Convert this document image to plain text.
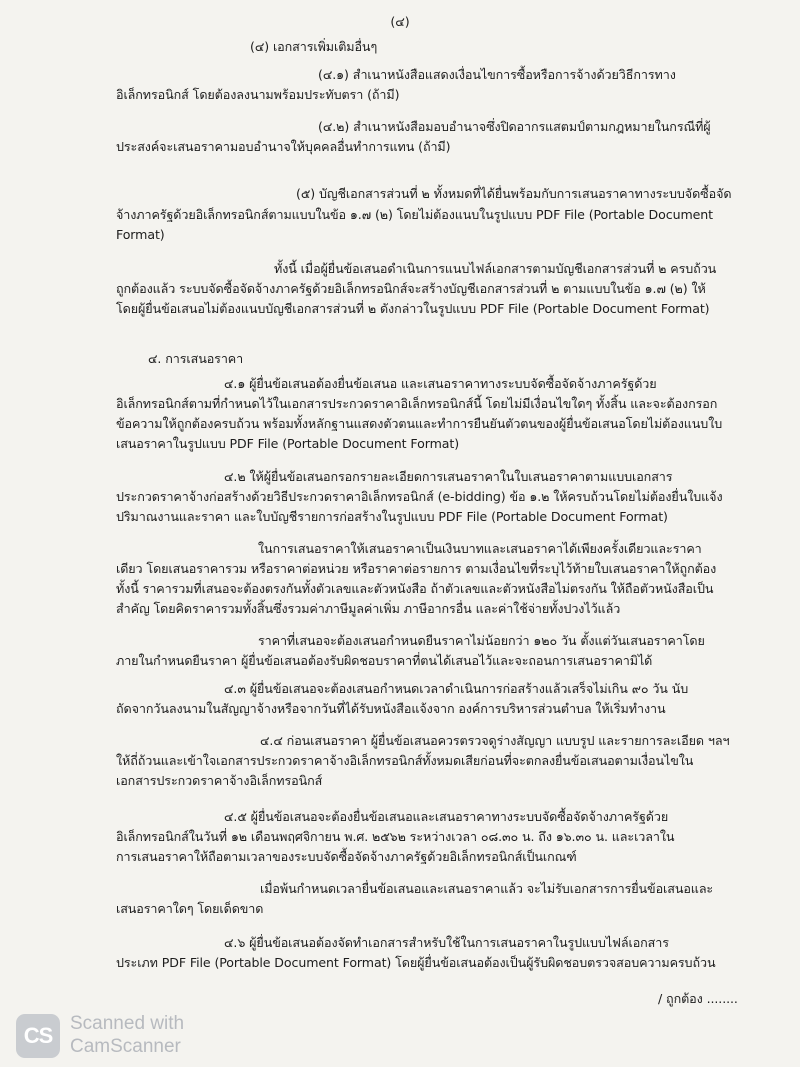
(๔)
(๔) เอกสารเพิ่มเติมอื่นๆ
(๔.๑) สำเนาหนังสือแสดงเงื่อนไขการซื้อหรือการจ้างด้วยวิธีการทาง
อิเล็กทรอนิกส์ โดยต้องลงนามพร้อมประทับตรา (ถ้ามี)
(๔.๒) สำเนาหนังสือมอบอำนาจซึ่งปิดอากรแสตมป์ตามกฎหมายในกรณีที่ผู้
ประสงค์จะเสนอราคามอบอำนาจให้บุคคลอื่นทำการแทน (ถ้ามี)
(๕) บัญชีเอกสารส่วนที่ ๒ ทั้งหมดที่ได้ยื่นพร้อมกับการเสนอราคาทางระบบจัดซื้อจัด
จ้างภาครัฐด้วยอิเล็กทรอนิกส์ตามแบบในข้อ ๑.๗ (๒) โดยไม่ต้องแนบในรูปแบบ PDF File (Portable Document
Format)
ทั้งนี้ เมื่อผู้ยื่นข้อเสนอดำเนินการแนบไฟล์เอกสารตามบัญชีเอกสารส่วนที่ ๒ ครบถ้วน
ถูกต้องแล้ว ระบบจัดซื้อจัดจ้างภาครัฐด้วยอิเล็กทรอนิกส์จะสร้างบัญชีเอกสารส่วนที่ ๒ ตามแบบในข้อ ๑.๗ (๒) ให้
โดยผู้ยื่นข้อเสนอไม่ต้องแนบบัญชีเอกสารส่วนที่ ๒ ดังกล่าวในรูปแบบ PDF File (Portable Document Format)
๔. การเสนอราคา
๔.๑ ผู้ยื่นข้อเสนอต้องยื่นข้อเสนอ และเสนอราคาทางระบบจัดซื้อจัดจ้างภาครัฐด้วย
อิเล็กทรอนิกส์ตามที่กำหนดไว้ในเอกสารประกวดราคาอิเล็กทรอนิกส์นี้ โดยไม่มีเงื่อนไขใดๆ ทั้งสิ้น และจะต้องกรอก
ข้อความให้ถูกต้องครบถ้วน พร้อมทั้งหลักฐานแสดงตัวตนและทำการยืนยันตัวตนของผู้ยื่นข้อเสนอโดยไม่ต้องแนบใบ
เสนอราคาในรูปแบบ PDF File (Portable Document Format)
๔.๒ ให้ผู้ยื่นข้อเสนอกรอกรายละเอียดการเสนอราคาในใบเสนอราคาตามแบบเอกสาร
ประกวดราคาจ้างก่อสร้างด้วยวิธีประกวดราคาอิเล็กทรอนิกส์ (e-bidding) ข้อ ๑.๒ ให้ครบถ้วนโดยไม่ต้องยื่นใบแจ้ง
ปริมาณงานและราคา และใบบัญชีรายการก่อสร้างในรูปแบบ PDF File (Portable Document Format)
ในการเสนอราคาให้เสนอราคาเป็นเงินบาทและเสนอราคาได้เพียงครั้งเดียวและราคา
เดียว โดยเสนอราคารวม หรือราคาต่อหน่วย หรือราคาต่อรายการ ตามเงื่อนไขที่ระบุไว้ท้ายใบเสนอราคาให้ถูกต้อง
ทั้งนี้ ราคารวมที่เสนอจะต้องตรงกันทั้งตัวเลขและตัวหนังสือ ถ้าตัวเลขและตัวหนังสือไม่ตรงกัน ให้ถือตัวหนังสือเป็น
สำคัญ โดยคิดราคารวมทั้งสิ้นซึ่งรวมค่าภาษีมูลค่าเพิ่ม ภาษีอากรอื่น และค่าใช้จ่ายทั้งปวงไว้แล้ว
ราคาที่เสนอจะต้องเสนอกำหนดยืนราคาไม่น้อยกว่า ๑๒๐ วัน ตั้งแต่วันเสนอราคาโดย
ภายในกำหนดยืนราคา ผู้ยื่นข้อเสนอต้องรับผิดชอบราคาที่ตนได้เสนอไว้และจะถอนการเสนอราคามิได้
๔.๓ ผู้ยื่นข้อเสนอจะต้องเสนอกำหนดเวลาดำเนินการก่อสร้างแล้วเสร็จไม่เกิน ๙๐ วัน นับ
ถัดจากวันลงนามในสัญญาจ้างหรือจากวันที่ได้รับหนังสือแจ้งจาก องค์การบริหารส่วนตำบล ให้เริ่มทำงาน
๔.๔ ก่อนเสนอราคา ผู้ยื่นข้อเสนอควรตรวจดูร่างสัญญา แบบรูป และรายการละเอียด ฯลฯ
ให้ถี่ถ้วนและเข้าใจเอกสารประกวดราคาจ้างอิเล็กทรอนิกส์ทั้งหมดเสียก่อนที่จะตกลงยื่นข้อเสนอตามเงื่อนไขใน
เอกสารประกวดราคาจ้างอิเล็กทรอนิกส์
๔.๕ ผู้ยื่นข้อเสนอจะต้องยื่นข้อเสนอและเสนอราคาทางระบบจัดซื้อจัดจ้างภาครัฐด้วย
อิเล็กทรอนิกส์ในวันที่ ๑๒ เดือนพฤศจิกายน พ.ศ. ๒๕๖๒ ระหว่างเวลา ๐๘.๓๐ น. ถึง ๑๖.๓๐ น. และเวลาใน
การเสนอราคาให้ถือตามเวลาของระบบจัดซื้อจัดจ้างภาครัฐด้วยอิเล็กทรอนิกส์เป็นเกณฑ์
เมื่อพ้นกำหนดเวลายื่นข้อเสนอและเสนอราคาแล้ว จะไม่รับเอกสารการยื่นข้อเสนอและ
เสนอราคาใดๆ โดยเด็ดขาด
๔.๖ ผู้ยื่นข้อเสนอต้องจัดทำเอกสารสำหรับใช้ในการเสนอราคาในรูปแบบไฟล์เอกสาร
ประเภท PDF File (Portable Document Format) โดยผู้ยื่นข้อเสนอต้องเป็นผู้รับผิดชอบตรวจสอบความครบถ้วน
/ ถูกต้อง ........
CS Scanned with
CamScanner
